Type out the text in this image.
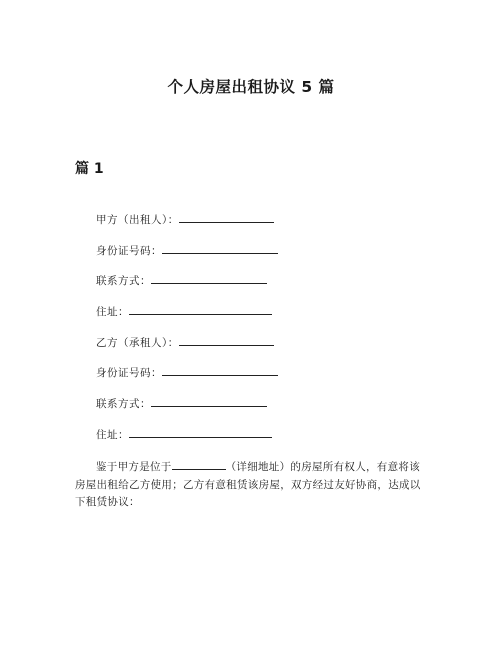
个人房屋出租协议 5 篇
篇 1
甲方（出租人）：
身份证号码：
联系方式：
住址：
乙方（承租人）：
身份证号码：
联系方式：
住址：

鉴于甲方是位于	（详细地址）的房屋所有权人，有意将该房屋出租给乙方使用；乙方有意租赁该房屋，双方经过友好协商，达成以下租赁协议：
